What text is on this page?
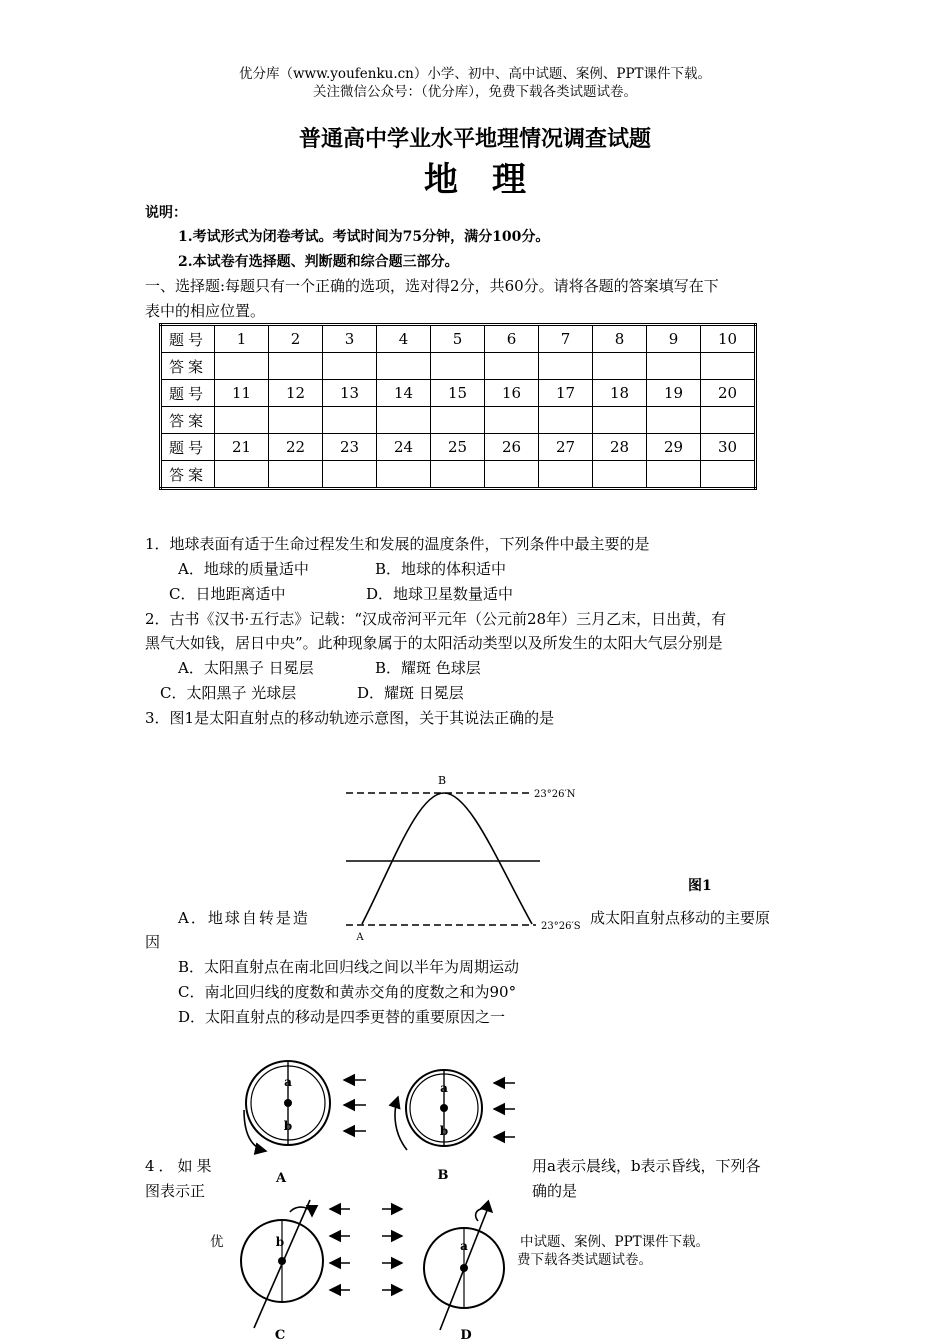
优分库（www.youfenku.cn）小学、初中、高中试题、案例、PPT课件下载。
关注微信公众号：（优分库），免费下载各类试题试卷。
普通高中学业水平地理情况调查试题
地　理
说明：
1.考试形式为闭卷考试。考试时间为75分钟，满分100分。
2.本试卷有选择题、判断题和综合题三部分。
一、选择题:每题只有一个正确的选项，选对得2分，共60分。请将各题的答案填写在下
表中的相应位置。
题号	1	2	3	4	5	6	7	8	9	10
答案										
题号	11	12	13	14	15	16	17	18	19	20
答案										
题号	21	22	23	24	25	26	27	28	29	30
答案										
1．地球表面有适于生命过程发生和发展的温度条件，下列条件中最主要的是
A．地球的质量适中	B．地球的体积适中
C．日地距离适中	D．地球卫星数量适中
2．古书《汉书·五行志》记载：“汉成帝河平元年（公元前28年）三月乙末，日出黄，有
黑气大如钱，居日中央”。此种现象属于的太阳活动类型以及所发生的太阳大气层分别是
A．太阳黑子 日冕层	B．耀斑 色球层
C．太阳黑子 光球层	D．耀斑 日冕层
3．图1是太阳直射点的移动轨迹示意图，关于其说法正确的是
B
A
23°26′N
23°26′S
图1
A．地球自转是造	成太阳直射点移动的主要原
因
B．太阳直射点在南北回归线之间以半年为周期运动
C．南北回归线的度数和黄赤交角的度数之和为90°
D．太阳直射点的移动是四季更替的重要原因之一
a
b
A
a
b
B
4．如果	用a表示晨线，b表示昏线，下列各
图表示正	确的是
优	中试题、案例、PPT课件下载。
费下载各类试题试卷。
b
C
a
D
